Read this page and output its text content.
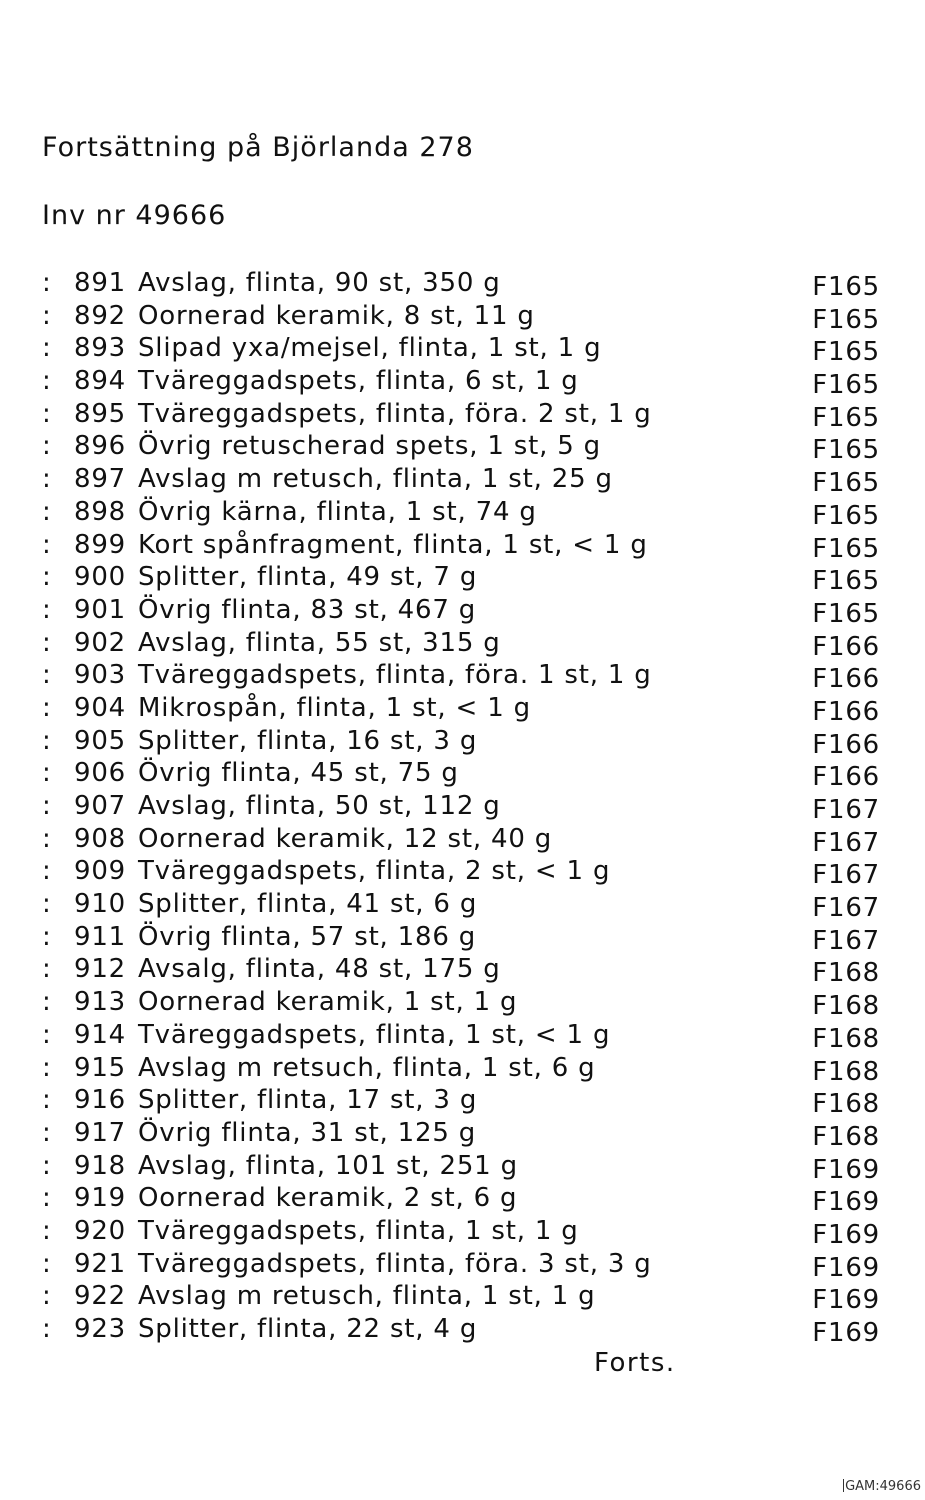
Fortsättning på Björlanda 278
Inv nr 49666
: 891 Avslag, flinta, 90 st, 350 g	F165
: 892 Oornerad keramik, 8 st, 11 g	F165
: 893 Slipad yxa/mejsel, flinta, 1 st, 1 g	F165
: 894 Tväreggadspets, flinta, 6 st, 1 g	F165
: 895 Tväreggadspets, flinta, föra. 2 st, 1 g	F165
: 896 Övrig retuscherad spets, 1 st, 5 g	F165
: 897 Avslag m retusch, flinta, 1 st, 25 g	F165
: 898 Övrig kärna, flinta, 1 st, 74 g	F165
: 899 Kort spånfragment, flinta, 1 st, < 1 g	F165
: 900 Splitter, flinta, 49 st, 7 g	F165
: 901 Övrig flinta, 83 st, 467 g	F165
: 902 Avslag, flinta, 55 st, 315 g	F166
: 903 Tväreggadspets, flinta, föra. 1 st, 1 g	F166
: 904 Mikrospån, flinta, 1 st, < 1 g	F166
: 905 Splitter, flinta, 16 st, 3 g	F166
: 906 Övrig flinta, 45 st, 75 g	F166
: 907 Avslag, flinta, 50 st, 112 g	F167
: 908 Oornerad keramik, 12 st, 40 g	F167
: 909 Tväreggadspets, flinta, 2 st, < 1 g	F167
: 910 Splitter, flinta, 41 st, 6 g	F167
: 911 Övrig flinta, 57 st, 186 g	F167
: 912 Avsalg, flinta, 48 st, 175 g	F168
: 913 Oornerad keramik, 1 st, 1 g	F168
: 914 Tväreggadspets, flinta, 1 st, < 1 g	F168
: 915 Avslag m retsuch, flinta, 1 st, 6 g	F168
: 916 Splitter, flinta, 17 st, 3 g	F168
: 917 Övrig flinta, 31 st, 125 g	F168
: 918 Avslag, flinta, 101 st, 251 g	F169
: 919 Oornerad keramik, 2 st, 6 g	F169
: 920 Tväreggadspets, flinta, 1 st, 1 g	F169
: 921 Tväreggadspets, flinta, föra. 3 st, 3 g	F169
: 922 Avslag m retusch, flinta, 1 st, 1 g	F169
: 923 Splitter, flinta, 22 st, 4 g	F169
Forts.
GAM:49666
